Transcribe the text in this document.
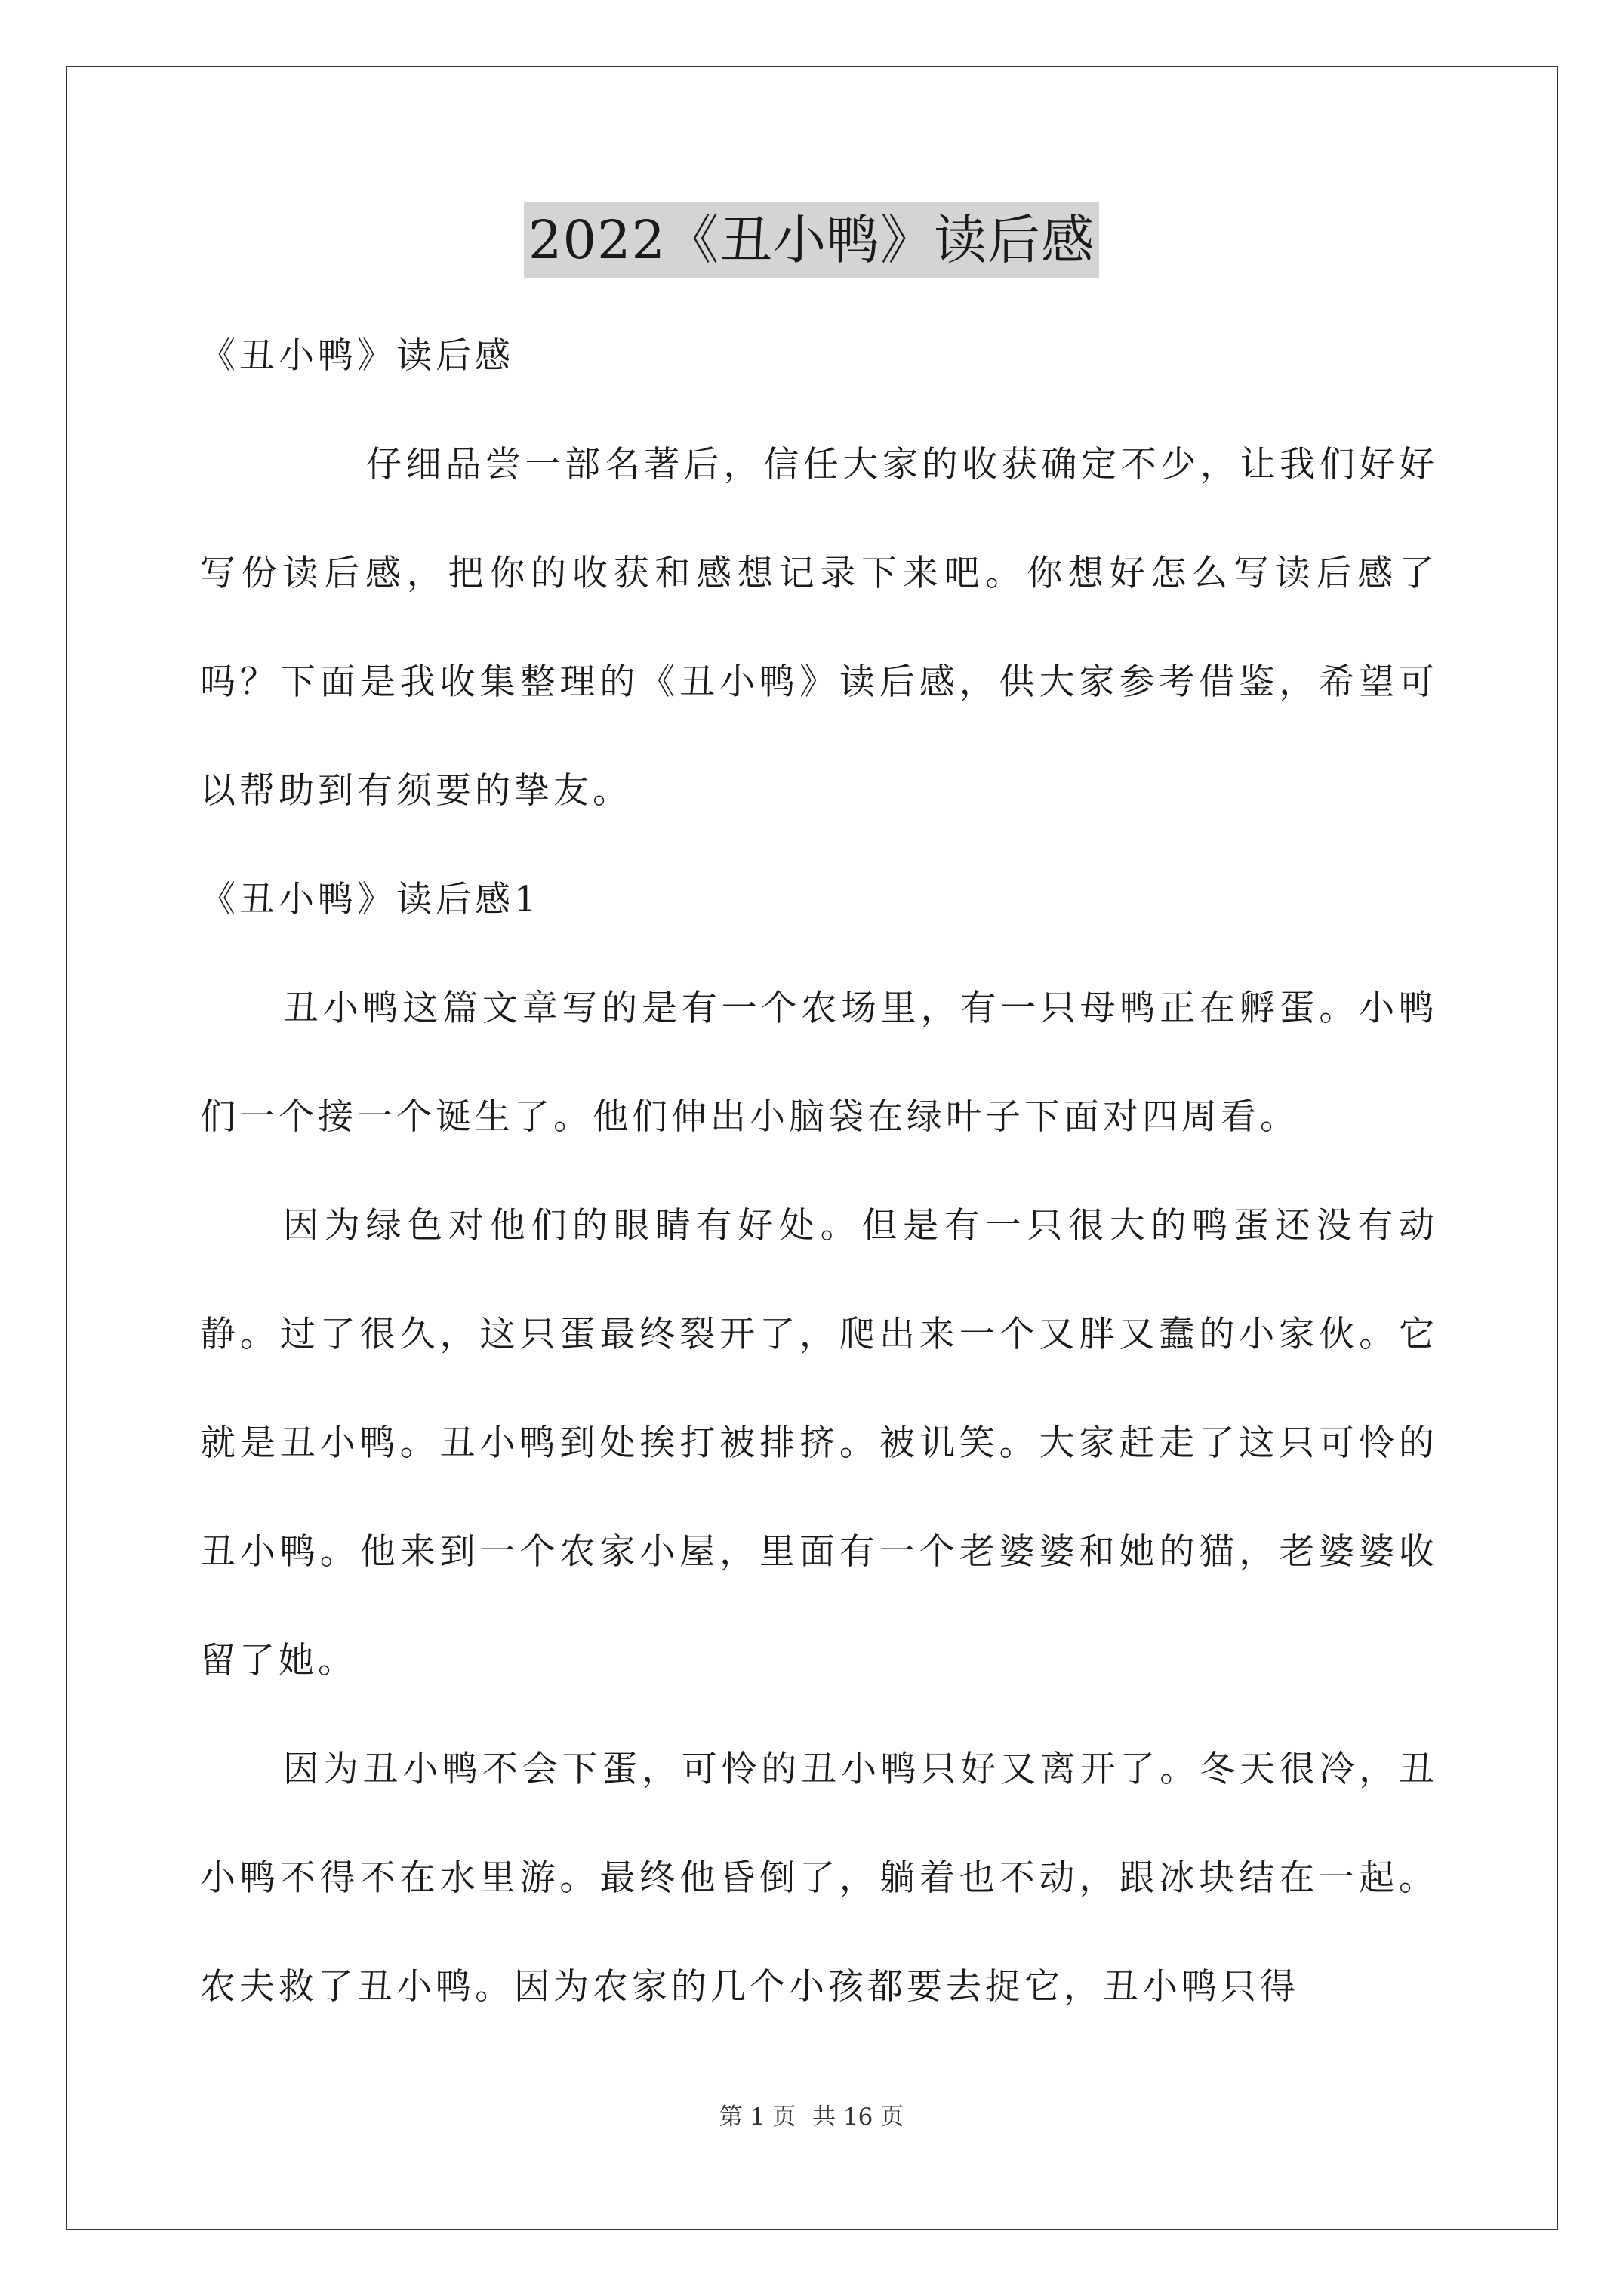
2022《丑小鸭》读后感

《丑小鸭》读后感

仔细品尝一部名著后，信任大家的收获确定不少，让我们好好写份读后感，把你的收获和感想记录下来吧。你想好怎么写读后感了吗？下面是我收集整理的《丑小鸭》读后感，供大家参考借鉴，希望可以帮助到有须要的挚友。

《丑小鸭》读后感1

丑小鸭这篇文章写的是有一个农场里，有一只母鸭正在孵蛋。小鸭们一个接一个诞生了。他们伸出小脑袋在绿叶子下面对四周看。

因为绿色对他们的眼睛有好处。但是有一只很大的鸭蛋还没有动静。过了很久，这只蛋最终裂开了，爬出来一个又胖又蠢的小家伙。它就是丑小鸭。丑小鸭到处挨打被排挤。被讥笑。大家赶走了这只可怜的丑小鸭。他来到一个农家小屋，里面有一个老婆婆和她的猫，老婆婆收留了她。

因为丑小鸭不会下蛋，可怜的丑小鸭只好又离开了。冬天很冷，丑小鸭不得不在水里游。最终他昏倒了，躺着也不动，跟冰块结在一起。农夫救了丑小鸭。因为农家的几个小孩都要去捉它，丑小鸭只得

第 1 页 共 16 页
